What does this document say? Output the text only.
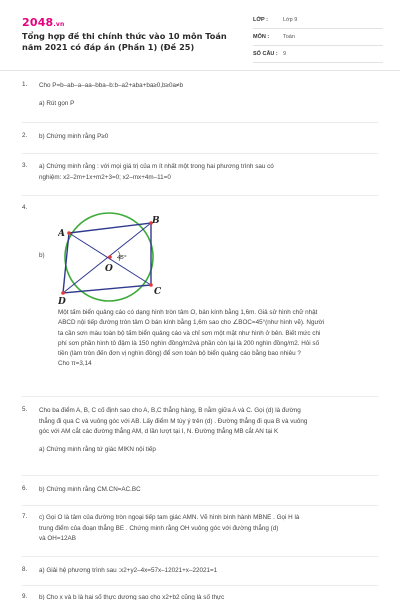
2048.vn
Tổng hợp đề thi chính thức vào 10 môn Toán năm 2021 có đáp án (Phần 1) (Đề 25)
LỚP :	Lớp 9
MÔN :	Toán
SỐ CÂU : 9
1. Cho P=b–ab–a–aa–bba–b:b–a2+aba+ba≥0,b≥0a≠b
a) Rút gọn P
2. b) Chứng minh rằng P≥0
3. a) Chứng minh rằng : với mọi giá trị của m ít nhất một trong hai phương trình sau có
nghiệm: x2–2m+1x+m2+3=0; x2–mx+4m–11=0
4.
b)
A
B
C
D
O
45°
Một tấm biển quảng cáo có dạng hình tròn tâm O, bán kính bằng 1,6m. Giả sử hình chữ nhật
ABCD nội tiếp đường tròn tâm O bán kính bằng 1,6m sao cho ∠BOC=45°(như hình vẽ). Người
ta cần sơn màu toàn bộ tấm biển quảng cáo và chỉ sơn một mặt như hình ở bên. Biết mức chi
phí sơn phần hình tô đậm là 150 nghìn đồng/m2và phần còn lại là 200 nghìn đồng/m2. Hỏi số
tiền (làm tròn đến đơn vị nghìn đồng) để sơn toàn bộ biển quảng cáo bằng bao nhiêu ?
Cho π=3,14
5. Cho ba điểm A, B, C cố định sao cho A, B,C thẳng hàng, B nằm giữa A và C. Gọi (d) là đường
thẳng đi qua C và vuông góc với AB. Lấy điểm M tùy ý trên (d) . Đường thẳng đi qua B và vuông
góc với AM cắt các đường thẳng AM, d lần lượt tại I, N. Đường thẳng MB cắt AN tại K
a) Chứng minh rằng tứ giác MIKN nội tiếp
6. b) Chứng minh rằng CM.CN=AC.BC
7. c) Gọi O là tâm của đường tròn ngoại tiếp tam giác AMN. Vẽ hình bình hành MBNE . Gọi H là
trung điểm của đoạn thẳng BE . Chứng minh rằng OH vuông góc với đường thẳng (d)
và OH=12AB
8. a) Giải hệ phương trình sau :x2+y2–4x=57x–12021+x–22021=1
9. b) Cho x và b là hai số thực dương sao cho x2+b2 cũng là số thực
